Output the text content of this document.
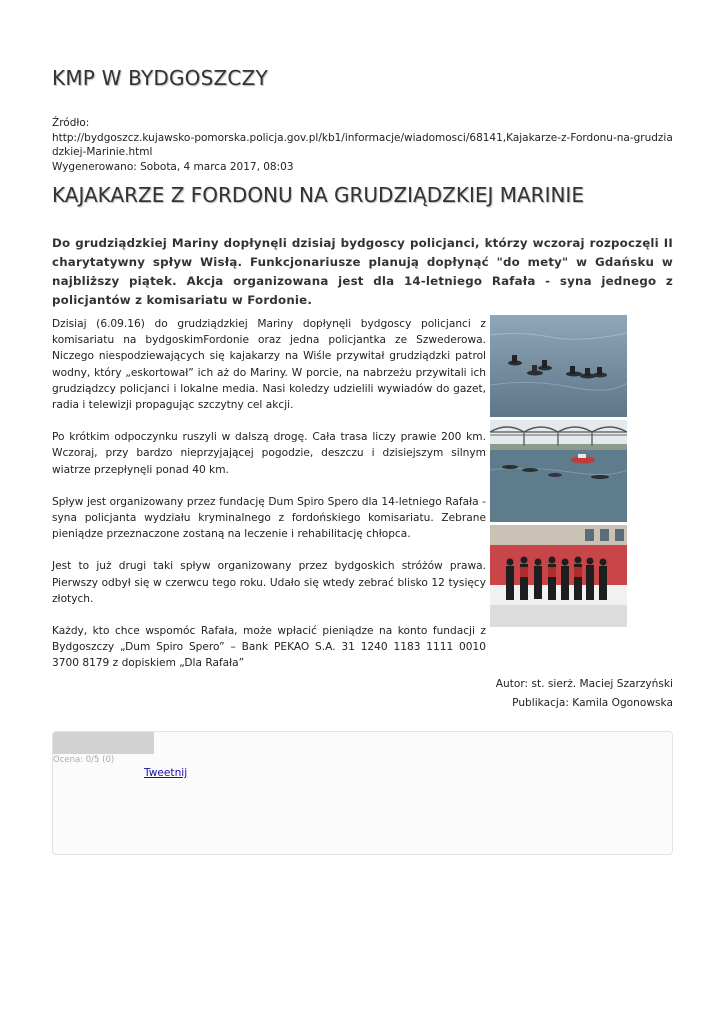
KMP W BYDGOSZCZY
Źródło:
http://bydgoszcz.kujawsko-pomorska.policja.gov.pl/kb1/informacje/wiadomosci/68141,Kajakarze-z-Fordonu-na-grudziadzkiej-Marinie.html
Wygenerowano: Sobota, 4 marca 2017, 08:03
KAJAKARZE Z FORDONU NA GRUDZIĄDZKIEJ MARINIE

Do grudziądzkiej Mariny dopłynęli dzisiaj bydgoscy policjanci, którzy wczoraj rozpoczęli II charytatywny spływ Wisłą. Funkcjonariusze planują dopłynąć "do mety" w Gdańsku w najbliższy piątek. Akcja organizowana jest dla 14-letniego Rafała - syna jednego z policjantów z komisariatu w Fordonie.

Dzisiaj (6.09.16) do grudziądzkiej Mariny dopłynęli bydgoscy policjanci z komisariatu na bydgoskimFordonie oraz jedna policjantka ze Szwederowa. Niczego niespodziewających się kajakarzy na Wiśle przywitał grudziądzki patrol wodny, który „eskortował” ich aż do Mariny. W porcie, na nabrzeżu przywitali ich grudziądzcy policjanci i lokalne media. Nasi koledzy udzielili wywiadów do gazet, radia i telewizji propagując szczytny cel akcji.

Po krótkim odpoczynku ruszyli w dalszą drogę. Cała trasa liczy prawie 200 km. Wczoraj, przy bardzo nieprzyjającej pogodzie, deszczu i dzisiejszym silnym wiatrze przepłynęli ponad 40 km.

Spływ jest organizowany przez fundację Dum Spiro Spero dla 14-letniego Rafała - syna policjanta wydziału kryminalnego z fordońskiego komisariatu. Zebrane pieniądze przeznaczone zostaną na leczenie i rehabilitację chłopca.

Jest to już drugi taki spływ organizowany przez bydgoskich stróżów prawa. Pierwszy odbył się w czerwcu tego roku. Udało się wtedy zebrać blisko 12 tysięcy złotych.

Każdy, kto chce wspomóc Rafała, może wpłacić pieniądze na konto fundacji z Bydgoszczy „Dum Spiro Spero” – Bank PEKAO S.A. 31 1240 1183 1111 0010 3700 8179 z dopiskiem „Dla Rafała”

Autor: st. sierż. Maciej Szarzyński
Publikacja: Kamila Ogonowska
Ocena: 0/5 (0)
Tweetnij
